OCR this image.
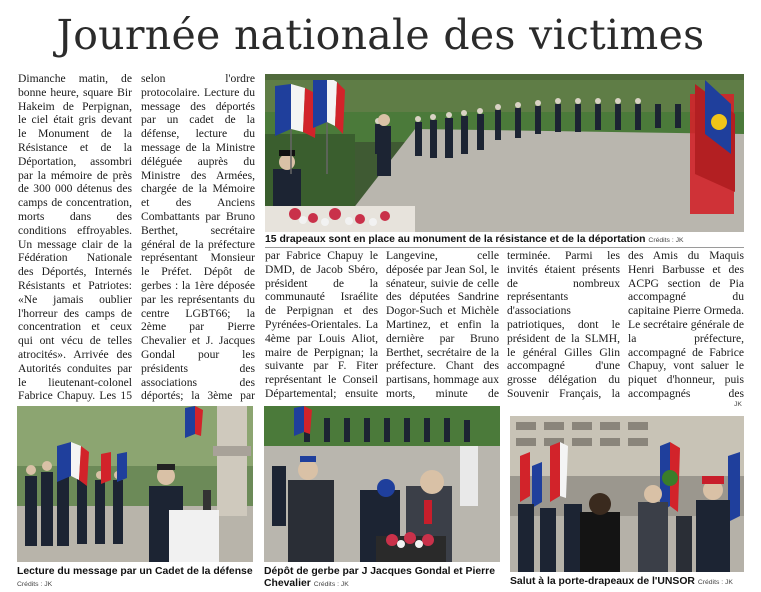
Journée nationale des victimes

Dimanche matin, de bonne heure, square Bir Hakeim de Perpignan, le ciel était gris devant le Monument de la Résistance et de la Déportation, assombri par la mémoire de près de 300 000 détenus des camps de concentration, morts dans des conditions effroyables. Un message clair de la Fédération Nationale des Déportés, Internés Résistants et Patriotes: «Ne jamais oublier l'horreur des camps de concentration et ceux qui ont vécu de telles atrocités». Arrivée des Autorités conduites par le lieutenant-colonel Fabrice Chapuy. Les 15

selon l'ordre protocolaire. Lecture du message des déportés par un cadet de la défense, lecture du message de la Ministre déléguée auprès du Ministre des Armées, chargée de la Mémoire et des Anciens Combattants par Bruno Berthet, secrétaire général de la préfecture représentant Monsieur le Préfet. Dépôt de gerbes : la 1ère déposée par les représentants du centre LGBT66; la 2ème par Pierre Chevalier et J. Jacques Gondal pour les présidents des associations des déportés; la 3ème par

par Fabrice Chapuy le DMD, de Jacob Sbéro, président de la communauté Israélite de Perpignan et des Pyrénées-Orientales. La 4ème par Louis Aliot, maire de Perpignan; la suivante par F. Fiter représentant le Conseil Départemental; ensuite

Langevine, celle déposée par Jean Sol, le sénateur, suivie de celle des députées Sandrine Dogor-Such et Michèle Martinez, et enfin la dernière par Bruno Berthet, secrétaire de la préfecture. Chant des partisans, hommage aux morts, minute de

terminée. Parmi les invités étaient présents de nombreux représentants d'associations patriotiques, dont le président de la SLMH, le général Gilles Glin accompagné d'une grosse délégation du Souvenir Français, la

des Amis du Maquis Henri Barbusse et des ACPG section de Pia accompagné du capitaine Pierre Ormeda. Le secrétaire générale de la préfecture, accompagné de Fabrice Chapuy, vont saluer le piquet d'honneur, puis accompagnés des

15 drapeaux sont en place au monument de la résistance et de la déportation Crédits : JK

Lecture du message par un Cadet de la défense Crédits : JK

Dépôt de gerbe par J Jacques Gondal et Pierre Chevalier Crédits : JK	Salut à la porte-drapeaux de l'UNSOR Crédits : JK

JK
